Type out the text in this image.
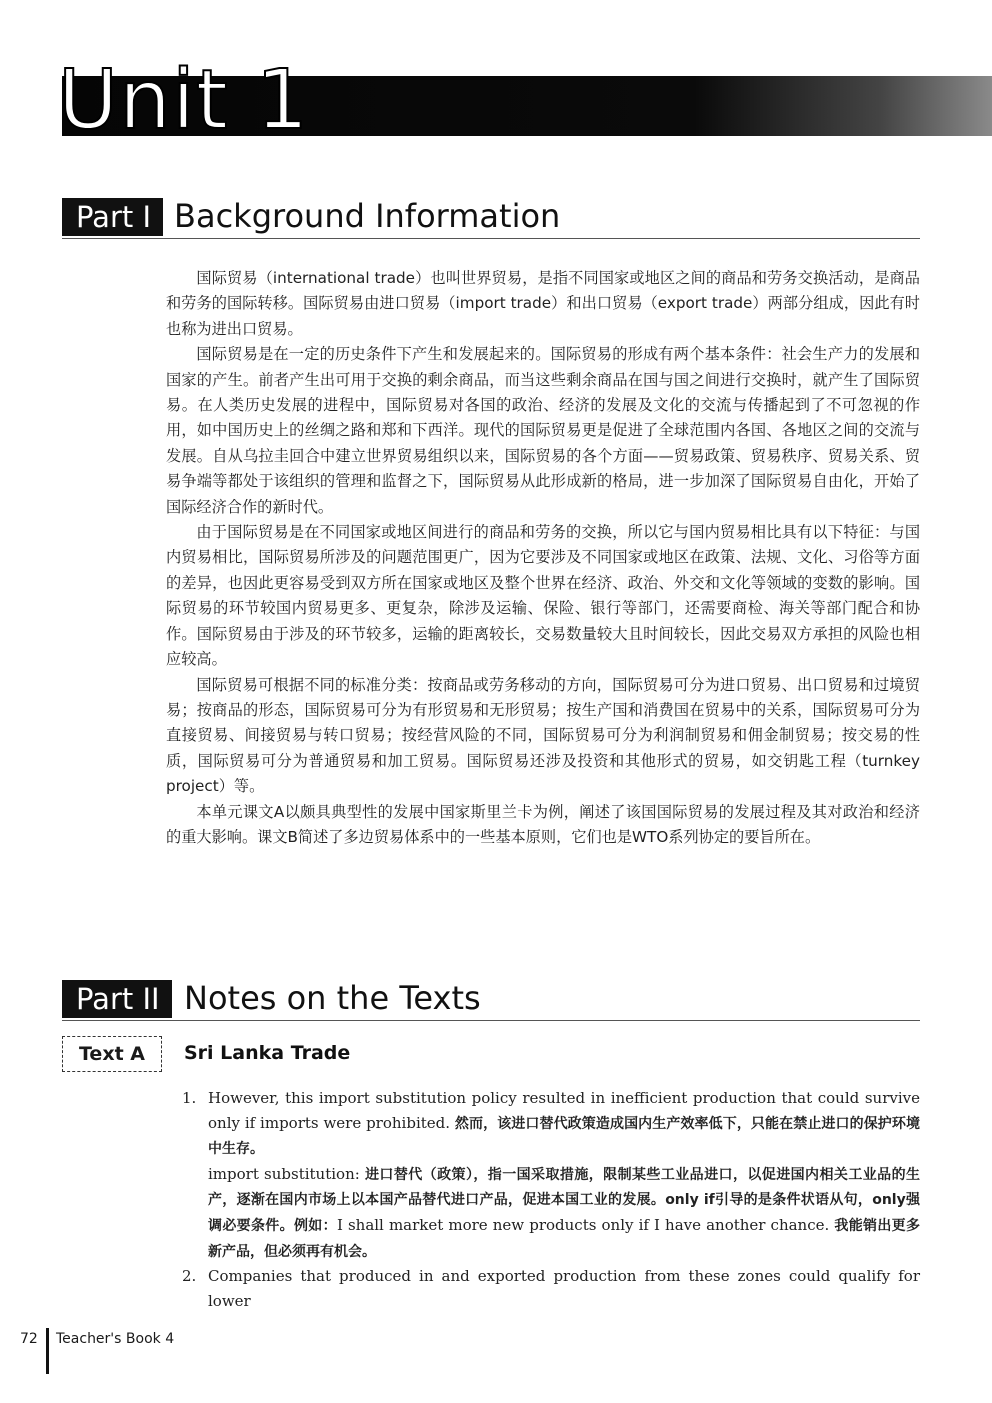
Unit 1
Part I Background Information

国际贸易（international trade）也叫世界贸易，是指不同国家或地区之间的商品和劳务交换活动，是商品和劳务的国际转移。国际贸易由进口贸易（import trade）和出口贸易（export trade）两部分组成，因此有时也称为进出口贸易。

国际贸易是在一定的历史条件下产生和发展起来的。国际贸易的形成有两个基本条件：社会生产力的发展和国家的产生。前者产生出可用于交换的剩余商品，而当这些剩余商品在国与国之间进行交换时，就产生了国际贸易。在人类历史发展的进程中，国际贸易对各国的政治、经济的发展及文化的交流与传播起到了不可忽视的作用，如中国历史上的丝绸之路和郑和下西洋。现代的国际贸易更是促进了全球范围内各国、各地区之间的交流与发展。自从乌拉圭回合中建立世界贸易组织以来，国际贸易的各个方面——贸易政策、贸易秩序、贸易关系、贸易争端等都处于该组织的管理和监督之下，国际贸易从此形成新的格局，进一步加深了国际贸易自由化，开始了国际经济合作的新时代。

由于国际贸易是在不同国家或地区间进行的商品和劳务的交换，所以它与国内贸易相比具有以下特征：与国内贸易相比，国际贸易所涉及的问题范围更广，因为它要涉及不同国家或地区在政策、法规、文化、习俗等方面的差异，也因此更容易受到双方所在国家或地区及整个世界在经济、政治、外交和文化等领域的变数的影响。国际贸易的环节较国内贸易更多、更复杂，除涉及运输、保险、银行等部门，还需要商检、海关等部门配合和协作。国际贸易由于涉及的环节较多，运输的距离较长，交易数量较大且时间较长，因此交易双方承担的风险也相应较高。

国际贸易可根据不同的标准分类：按商品或劳务移动的方向，国际贸易可分为进口贸易、出口贸易和过境贸易；按商品的形态，国际贸易可分为有形贸易和无形贸易；按生产国和消费国在贸易中的关系，国际贸易可分为直接贸易、间接贸易与转口贸易；按经营风险的不同，国际贸易可分为利润制贸易和佣金制贸易；按交易的性质，国际贸易可分为普通贸易和加工贸易。国际贸易还涉及投资和其他形式的贸易，如交钥匙工程（turnkey project）等。

本单元课文A以颇具典型性的发展中国家斯里兰卡为例，阐述了该国国际贸易的发展过程及其对政治和经济的重大影响。课文B简述了多边贸易体系中的一些基本原则，它们也是WTO系列协定的要旨所在。

Part II Notes on the Texts
Text A	Sri Lanka Trade
1. However, this import substitution policy resulted in inefficient production that could survive only if imports were prohibited. 然而，该进口替代政策造成国内生产效率低下，只能在禁止进口的保护环境中生存。

import substitution: 进口替代（政策），指一国采取措施，限制某些工业品进口，以促进国内相关工业品的生产，逐渐在国内市场上以本国产品替代进口产品，促进本国工业的发展。only if引导的是条件状语从句，only强调必要条件。例如：I shall market more new products only if I have another chance. 我能销出更多新产品，但必须再有机会。

2. Companies that produced in and exported production from these zones could qualify for lower

72 Teacher's Book 4
